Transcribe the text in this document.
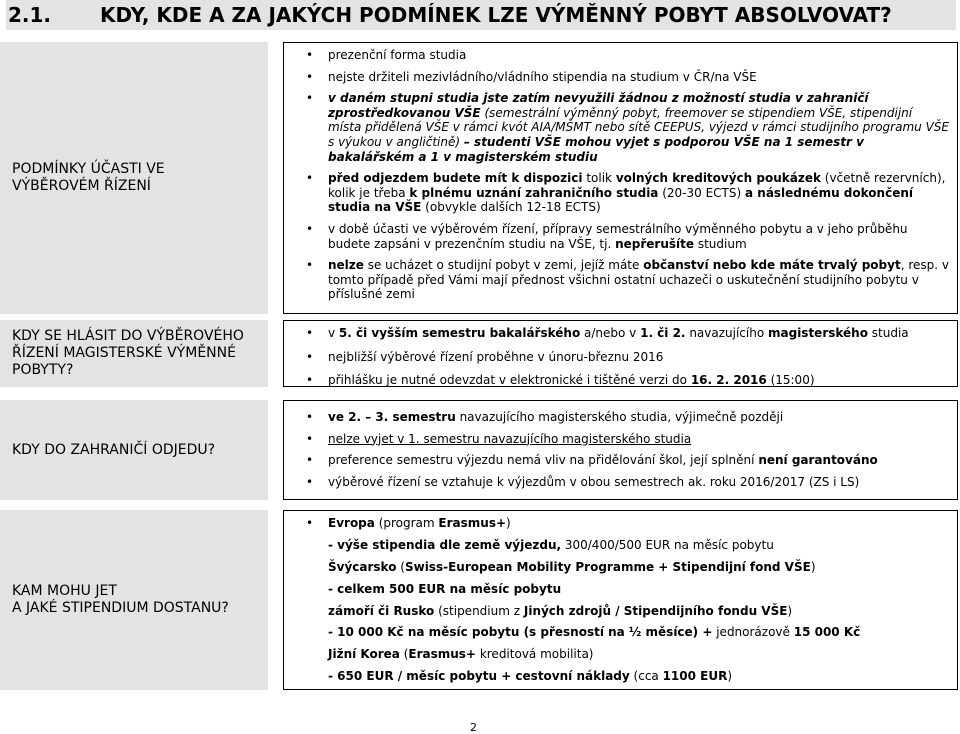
2.1. KDY, KDE A ZA JAKÝCH PODMÍNEK LZE VÝMĚNNÝ POBYT ABSOLVOVAT?
PODMÍNKY ÚČASTI VE
VÝBĚROVÉM ŘÍZENÍ
• prezenční forma studia
• nejste držiteli mezivládního/vládního stipendia na studium v ČR/na VŠE
• v daném stupni studia jste zatím nevyužili žádnou z možností studia v zahraničí zprostředkovanou VŠE (semestrální výměnný pobyt, freemover se stipendiem VŠE, stipendijní místa přidělená VŠE v rámci kvót AIA/MŠMT nebo sítě CEEPUS, výjezd v rámci studijního programu VŠE s výukou v angličtině) – studenti VŠE mohou vyjet s podporou VŠE na 1 semestr v bakalářském a 1 v magisterském studiu
• před odjezdem budete mít k dispozici tolik volných kreditových poukázek (včetně rezervních), kolik je třeba k plnému uznání zahraničního studia (20-30 ECTS) a následnému dokončení studia na VŠE (obvykle dalších 12-18 ECTS)
• v době účasti ve výběrovém řízení, přípravy semestrálního výměnného pobytu a v jeho průběhu budete zapsáni v prezenčním studiu na VŠE, tj. nepřerušíte studium
• nelze se ucházet o studijní pobyt v zemi, jejíž máte občanství nebo kde máte trvalý pobyt, resp. v tomto případě před Vámi mají přednost všichni ostatní uchazeči o uskutečnění studijního pobytu v příslušné zemi
KDY SE HLÁSIT DO VÝBĚROVÉHO
ŘÍZENÍ MAGISTERSKÉ VÝMĚNNÉ
POBYTY?
• v 5. či vyšším semestru bakalářského a/nebo v 1. či 2. navazujícího magisterského studia
• nejbližší výběrové řízení proběhne v únoru-březnu 2016
• přihlášku je nutné odevzdat v elektronické i tištěné verzi do 16. 2. 2016 (15:00)
KDY DO ZAHRANIČÍ ODJEDU?
• ve 2. – 3. semestru navazujícího magisterského studia, výjimečně později
• nelze vyjet v 1. semestru navazujícího magisterského studia
• preference semestru výjezdu nemá vliv na přidělování škol, její splnění není garantováno
• výběrové řízení se vztahuje k výjezdům v obou semestrech ak. roku 2016/2017 (ZS i LS)
KAM MOHU JET
A JAKÉ STIPENDIUM DOSTANU?
• Evropa (program Erasmus+)
- výše stipendia dle země výjezdu, 300/400/500 EUR na měsíc pobytu
Švýcarsko (Swiss-European Mobility Programme + Stipendijní fond VŠE)
- celkem 500 EUR na měsíc pobytu
zámoří či Rusko (stipendium z Jiných zdrojů / Stipendijního fondu VŠE)
- 10 000 Kč na měsíc pobytu (s přesností na ½ měsíce) + jednorázově 15 000 Kč
Jižní Korea (Erasmus+ kreditová mobilita)
- 650 EUR / měsíc pobytu + cestovní náklady (cca 1100 EUR)
2
